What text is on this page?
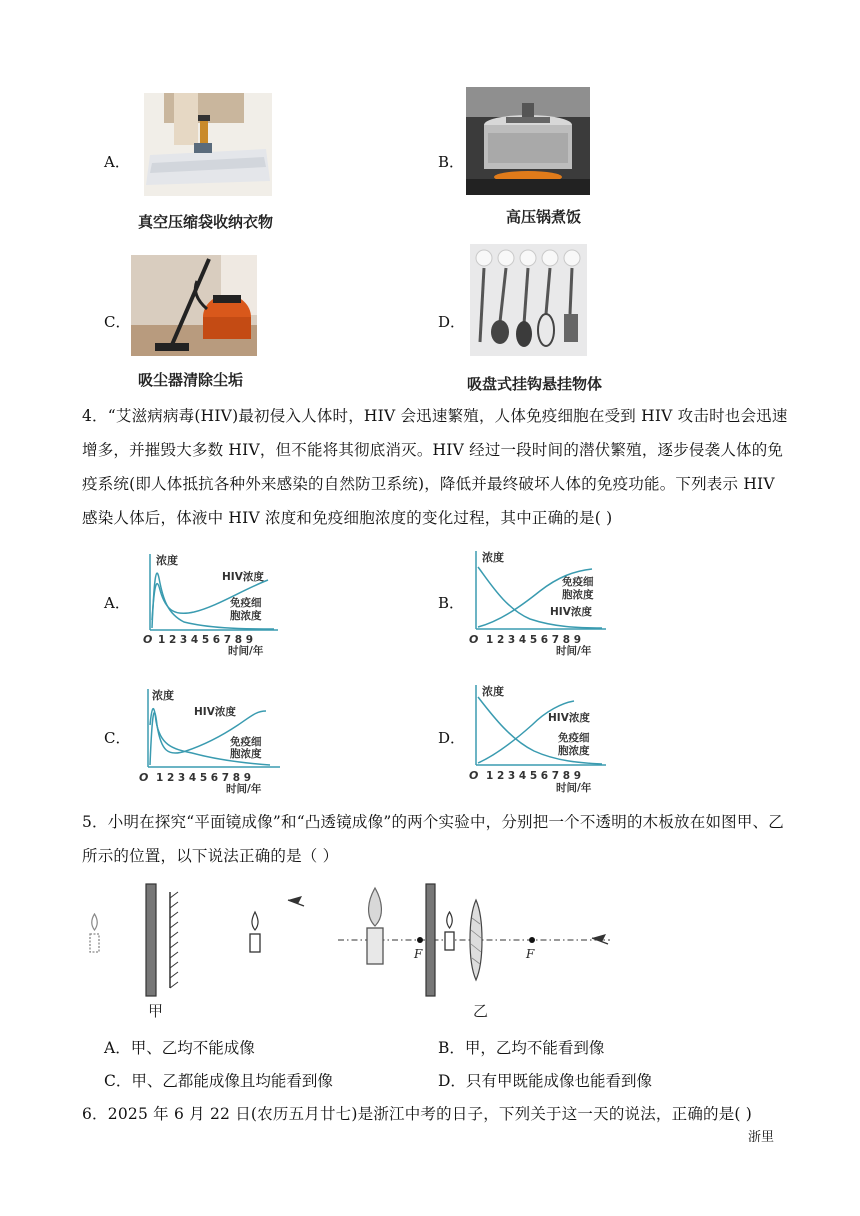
A．
真空压缩袋收纳衣物
B．
高压锅煮饭
C．
吸尘器清除尘垢
D．
吸盘式挂钩悬挂物体
4．“艾滋病病毒(HIV)最初侵入人体时，HIV 会迅速繁殖，人体免疫细胞在受到 HIV 攻击时也会迅速
增多，并摧毁大多数 HIV，但不能将其彻底消灭。HIV 经过一段时间的潜伏繁殖，逐步侵袭人体的免
疫系统(即人体抵抗各种外来感染的自然防卫系统)，降低并最终破坏人体的免疫功能。下列表示 HIV
感染人体后，体液中 HIV 浓度和免疫细胞浓度的变化过程，其中正确的是( )
A．
浓度
HIV浓度
免疫细
胞浓度
O 1 2 3 4 5 6 7 8 9
时间/年
B．
浓度
免疫细
胞浓度
HIV浓度
O 1 2 3 4 5 6 7 8 9
时间/年
C．
浓度
HIV浓度
免疫细
胞浓度
O 1 2 3 4 5 6 7 8 9
时间/年
D．
浓度
HIV浓度
免疫细
胞浓度
O 1 2 3 4 5 6 7 8 9
时间/年
5．小明在探究“平面镜成像”和“凸透镜成像”的两个实验中，分别把一个不透明的木板放在如图甲、乙
所示的位置，以下说法正确的是（ ）
甲
F	F
乙
A．甲、乙均不能成像	B．甲，乙均不能看到像
C．甲、乙都能成像且均能看到像	D．只有甲既能成像也能看到像
6．2025 年 6 月 22 日(农历五月廿七)是浙江中考的日子，下列关于这一天的说法，正确的是( )
浙里
